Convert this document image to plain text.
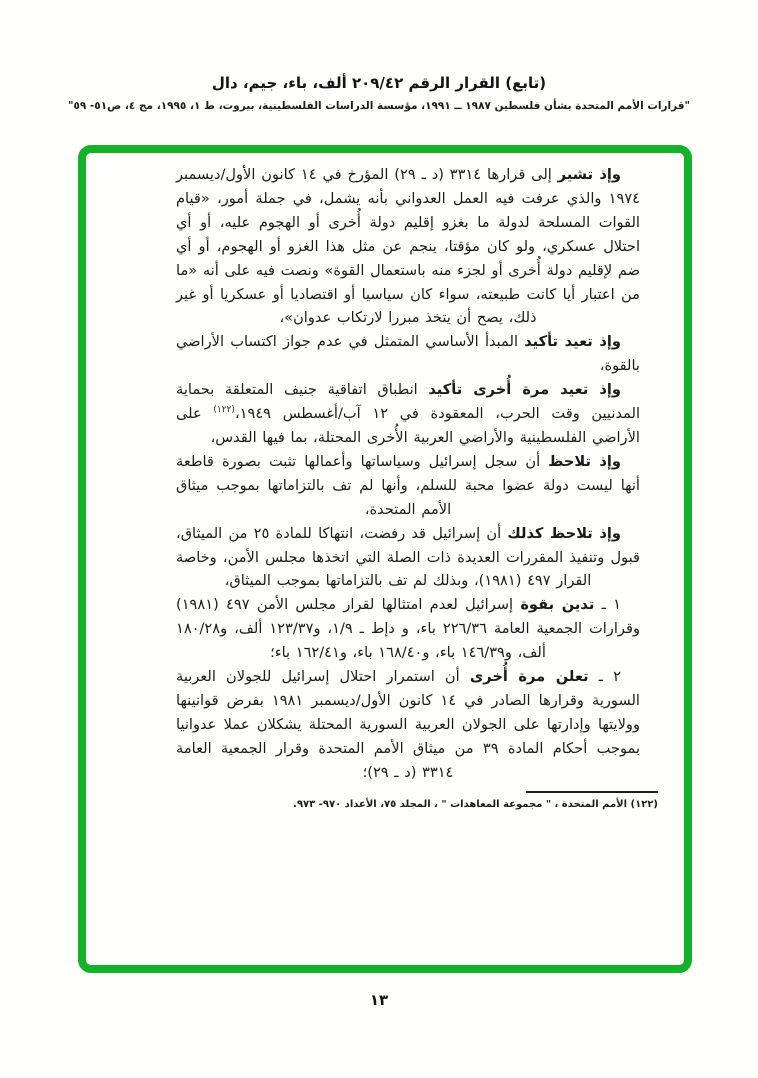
(تابع) القرار الرقم ٢٠٩/٤٢ ألف، باء، جيم، دال
"قرارات الأمم المتحدة بشأن فلسطين ١٩٨٧ ــ ١٩٩١، مؤسسة الدراسات الفلسطينية، بيروت، ط ١، ١٩٩٥، مج ٤، ص٥١- ٥٩"

وإذ تشير إلى قرارها ٣٣١٤ (د ـ ٢٩) المؤرخ في ١٤ كانون الأول/ديسمبر ١٩٧٤ والذي عرفت فيه العمل العدواني بأنه يشمل، في جملة أمور، «قيام القوات المسلحة لدولة ما بغزو إقليم دولة أُخرى أو الهجوم عليه، أو أي احتلال عسكري، ولو كان مؤقتا، ينجم عن مثل هذا الغزو أو الهجوم، أو أي ضم لإقليم دولة أُخرى أو لجزء منه باستعمال القوة» ونصت فيه على أنه «ما من اعتبار أيا كانت طبيعته، سواء كان سياسيا أو اقتصاديا أو عسكريا أو غير ذلك، يصح أن يتخذ مبررا لارتكاب عدوان»،

وإذ تعيد تأكيد المبدأ الأساسي المتمثل في عدم جواز اكتساب الأراضي بالقوة،

وإذ تعيد مرة أُخرى تأكيد انطباق اتفاقية جنيف المتعلقة بحماية المدنيين وقت الحرب، المعقودة في ١٢ آب/أغسطس ١٩٤٩،$^{(١٢٢)}$ على الأراضي الفلسطينية والأراضي العربية الأُخرى المحتلة، بما فيها القدس،

وإذ تلاحظ أن سجل إسرائيل وسياساتها وأعمالها تثبت بصورة قاطعة أنها ليست دولة عضوا محبة للسلم، وأنها لم تف بالتزاماتها بموجب ميثاق الأمم المتحدة،

وإذ تلاحظ كذلك أن إسرائيل قد رفضت، انتهاكا للمادة ٢٥ من الميثاق، قبول وتنفيذ المقررات العديدة ذات الصلة التي اتخذها مجلس الأمن، وخاصة القرار ٤٩٧ (١٩٨١)، وبذلك لم تف بالتزاماتها بموجب الميثاق،

١ ـ تدين بقوة إسرائيل لعدم امتثالها لقرار مجلس الأمن ٤٩٧ (١٩٨١) وقرارات الجمعية العامة ٢٢٦/٣٦ باء، و دإط ـ ١/٩، و١٢٣/٣٧ ألف، و١٨٠/٢٨ ألف، و١٤٦/٣٩ باء، و١٦٨/٤٠ باء، و١٦٢/٤١ باء؛

٢ ـ تعلن مرة أُخرى أن استمرار احتلال إسرائيل للجولان العربية السورية وقرارها الصادر في ١٤ كانون الأول/ديسمبر ١٩٨١ بفرض قوانينها وولايتها وإدارتها على الجولان العربية السورية المحتلة يشكلان عملا عدوانيا بموجب أحكام المادة ٣٩ من ميثاق الأمم المتحدة وقرار الجمعية العامة ٣٣١٤ (د ـ ٢٩)؛

(١٢٢) الأمم المتحدة ، " مجموعة المعاهدات " ، المجلد ٧٥، الأعداد ٩٧٠- ٩٧٣.
١٣
